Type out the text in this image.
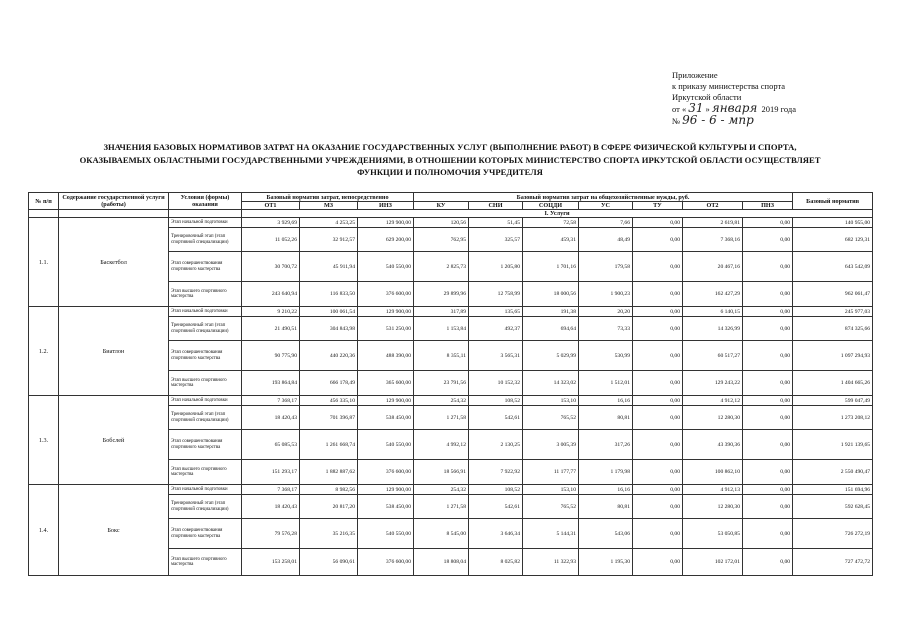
Приложение
к приказу министерства спорта
Иркутской области
от « 31 » января 2019 года
№ 96 - 6 - мпр
ЗНАЧЕНИЯ БАЗОВЫХ НОРМАТИВОВ ЗАТРАТ НА ОКАЗАНИЕ ГОСУДАРСТВЕННЫХ УСЛУГ (ВЫПОЛНЕНИЕ РАБОТ) В СФЕРЕ ФИЗИЧЕСКОЙ КУЛЬТУРЫ И СПОРТА,
ОКАЗЫВАЕМЫХ ОБЛАСТНЫМИ ГОСУДАРСТВЕННЫМИ УЧРЕЖДЕНИЯМИ, В ОТНОШЕНИИ КОТОРЫХ МИНИСТЕРСТВО СПОРТА ИРКУТСКОЙ ОБЛАСТИ ОСУЩЕСТВЛЯЕТ
ФУНКЦИИ И ПОЛНОМОЧИЯ УЧРЕДИТЕЛЯ
№ п/п	Содержание государственной услуги (работы)	Условия (формы) оказания	Базовый норматив затрат, непосредственно			Базовый норматив затрат на общехозяйственные нужды, руб.							Базовый норматив
			ОТ1	МЗ	ИНЗ	КУ	СНИ	СОЦДИ	УС	ТУ	ОТ2	ПНЗ	
			I. Услуги										
1.1.	Баскетбол	Этап начальной подготовки	3 929,69	4 253,25	129 900,00	120,56	51,45	72,58	7,66	0,00	2 619,81	0,00	140 955,00
		Тренировочный этап (этап спортивной специализации)	11 052,26	32 912,57	629 200,00	762,95	325,57	459,31	48,49	0,00	7 368,16	0,00	682 129,31
		Этап совершенствования спортивного мастерства	30 700,72	45 911,94	540 550,00	2 825,73	1 205,80	1 701,16	179,58	0,00	20 467,16	0,00	643 542,09
		Этап высшего спортивного мастерства	243 640,94	116 833,50	376 600,00	29 899,96	12 758,99	18 000,56	1 900,23	0,00	162 427,29	0,00	962 061,47
1.2.	Биатлон	Этап начальной подготовки	9 210,22	100 061,54	129 900,00	317,89	135,65	191,38	20,20	0,00	6 140,15	0,00	245 977,03
		Тренировочный этап (этап спортивной специализации)	21 490,51	304 843,98	531 250,00	1 153,84	492,37	694,64	73,33	0,00	14 326,99	0,00	874 325,66
		Этап совершенствования спортивного мастерства	90 775,90	440 220,36	488 390,00	8 355,11	3 565,31	5 029,99	530,99	0,00	60 517,27	0,00	1 097 294,93
		Этап высшего спортивного мастерства	193 864,84	666 178,49	365 600,00	23 791,56	10 152,32	14 323,02	1 512,01	0,00	129 243,22	0,00	1 404 665,26
1.3.	Бобслей	Этап начальной подготовки	7 368,17	456 335,10	129 900,00	254,32	108,52	153,10	16,16	0,00	4 912,12	0,00	599 047,49
		Тренировочный этап (этап спортивной специализации)	18 420,43	701 396,87	538 450,00	1 271,58	542,61	765,52	80,81	0,00	12 280,30	0,00	1 273 208,12
		Этап совершенствования спортивного мастерства	65 085,53	1 261 668,74	540 550,00	4 992,12	2 130,25	3 005,39	317,26	0,00	43 390,36	0,00	1 921 139,65
		Этап высшего спортивного мастерства	151 293,17	1 882 887,62	376 600,00	18 566,91	7 922,92	11 177,77	1 179,98	0,00	100 862,10	0,00	2 550 490,47
1.4.	Бокс	Этап начальной подготовки	7 368,17	8 982,56	129 900,00	254,32	108,52	153,10	16,16	0,00	4 912,13	0,00	151 694,96
		Тренировочный этап (этап спортивной специализации)	18 420,43	20 817,20	538 450,00	1 271,58	542,61	765,52	80,81	0,00	12 280,30	0,00	592 628,45
		Этап совершенствования спортивного мастерства	79 576,28	35 216,35	540 550,00	8 545,00	3 646,34	5 144,31	543,06	0,00	53 050,85	0,00	726 272,19
		Этап высшего спортивного мастерства	153 258,01	56 090,61	376 600,00	18 808,04	8 025,82	11 322,93	1 195,30	0,00	102 172,01	0,00	727 472,72
